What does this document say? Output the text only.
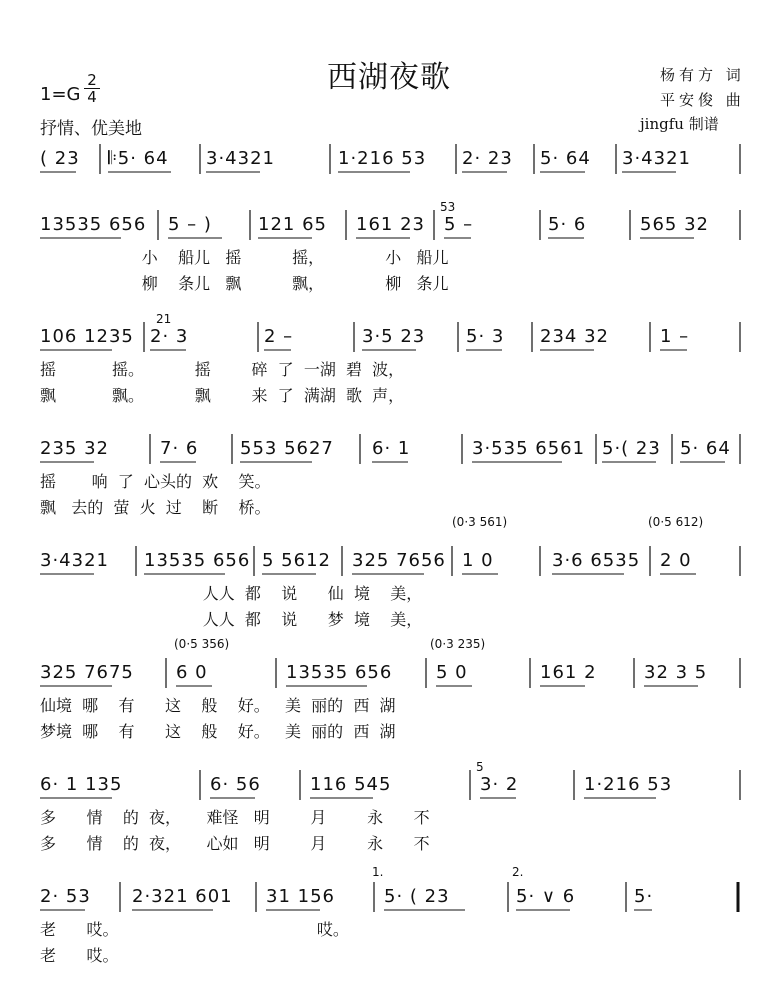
西湖夜歌
1=G
2
4
抒情、优美地
杨有方 词
平安俊 曲
jingfu 制谱
( 23 𝄆5· 64 3·4321	1·216 53 2· 23 5· 64 3·4321
13535 656 5 – )	121 65 161 23 5 –	5· 6	565 32
小    船儿   摇          摇，            小   船儿
柳    条儿   飘          飘，            柳   条儿
106 1235 2· 3	2 –	3·5 23 5· 3 234 32	1 –
摇           摇。          摇        碎  了  一湖  碧  波，
飘           飘。          飘        来  了  满湖  歌  声，
235 32	7· 6 553 5627 6· 1	3·535 6561 5·( 23 5· 64
摇       响  了  心头的  欢    笑。
飘   去的  萤  火  过    断    桥。
3·4321 13535 656 5 5612 325 7656 1 0	3·6 6535 2 0
人人  都    说      仙  境    美，
人人  都    说      梦  境    美，
325 7675 6 0	13535 656 5 0	161 2	32 3 5
仙境  哪    有      这    般    好。   美  丽的  西  湖
梦境  哪    有      这    般    好。   美  丽的  西  湖
6· 1 135	6· 56	116 545	3· 2	1·216 53
多      情    的  夜，     难怪   明        月        永      不
多      情    的  夜，     心如   明        月        永      不
2· 53 2·321 601 31 156	5· ( 23	5· ∨ 6	5·
老      哎。                                       哎。
老      哎。
53
21
(0·3 561)	(0·5 612)
(0·5 356)	(0·3 235)
5
1.	2.
